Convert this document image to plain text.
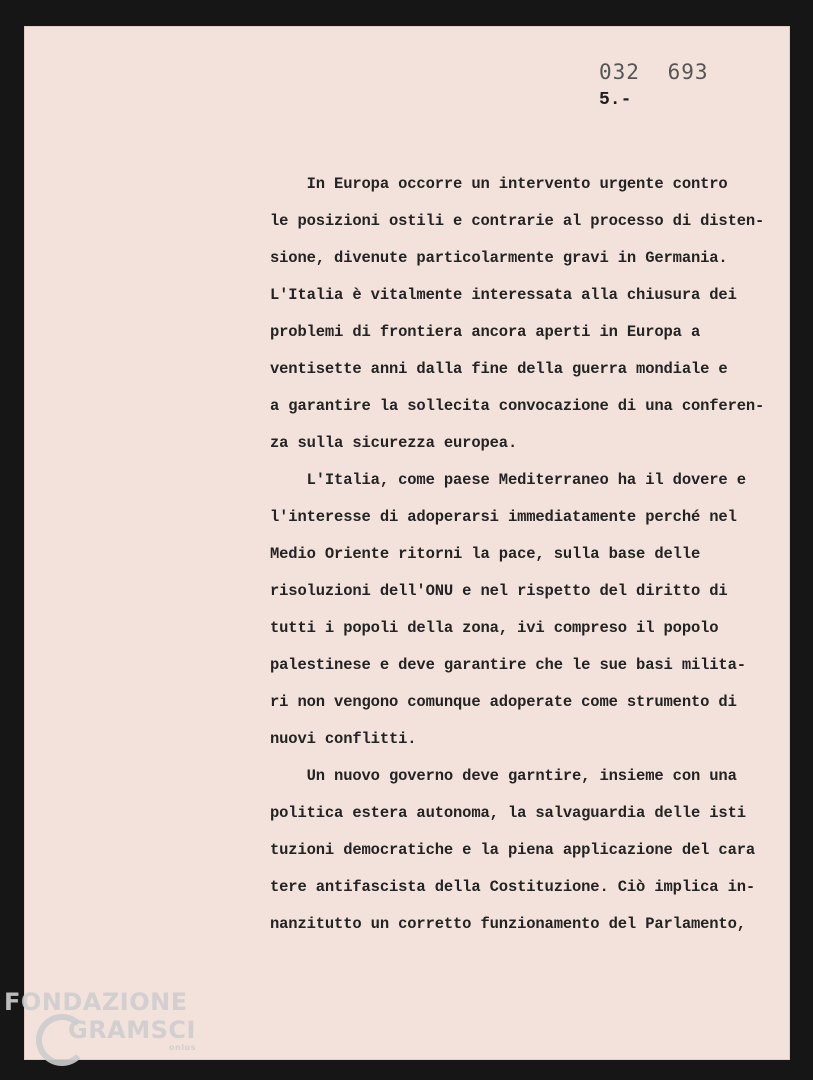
032 693
5.-
In Europa occorre un intervento urgente contro
le posizioni ostili e contrarie al processo di disten-
sione, divenute particolarmente gravi in Germania.
L'Italia è vitalmente interessata alla chiusura dei
problemi di frontiera ancora aperti in Europa a
ventisette anni dalla fine della guerra mondiale e
a garantire la sollecita convocazione di una conferen-
za sulla sicurezza europea.
L'Italia, come paese Mediterraneo ha il dovere e
l'interesse di adoperarsi immediatamente perché nel
Medio Oriente ritorni la pace, sulla base delle
risoluzioni dell'ONU e nel rispetto del diritto di
tutti i popoli della zona, ivi compreso il popolo
palestinese e deve garantire che le sue basi milita-
ri non vengono comunque adoperate come strumento di
nuovi conflitti.
Un nuovo governo deve garntire, insieme con una
politica estera autonoma, la salvaguardia delle isti
tuzioni democratiche e la piena applicazione del cara
tere antifascista della Costituzione. Ciò implica in-
nanzitutto un corretto funzionamento del Parlamento,
FONDAZIONE
GRAMSCI
onlus
